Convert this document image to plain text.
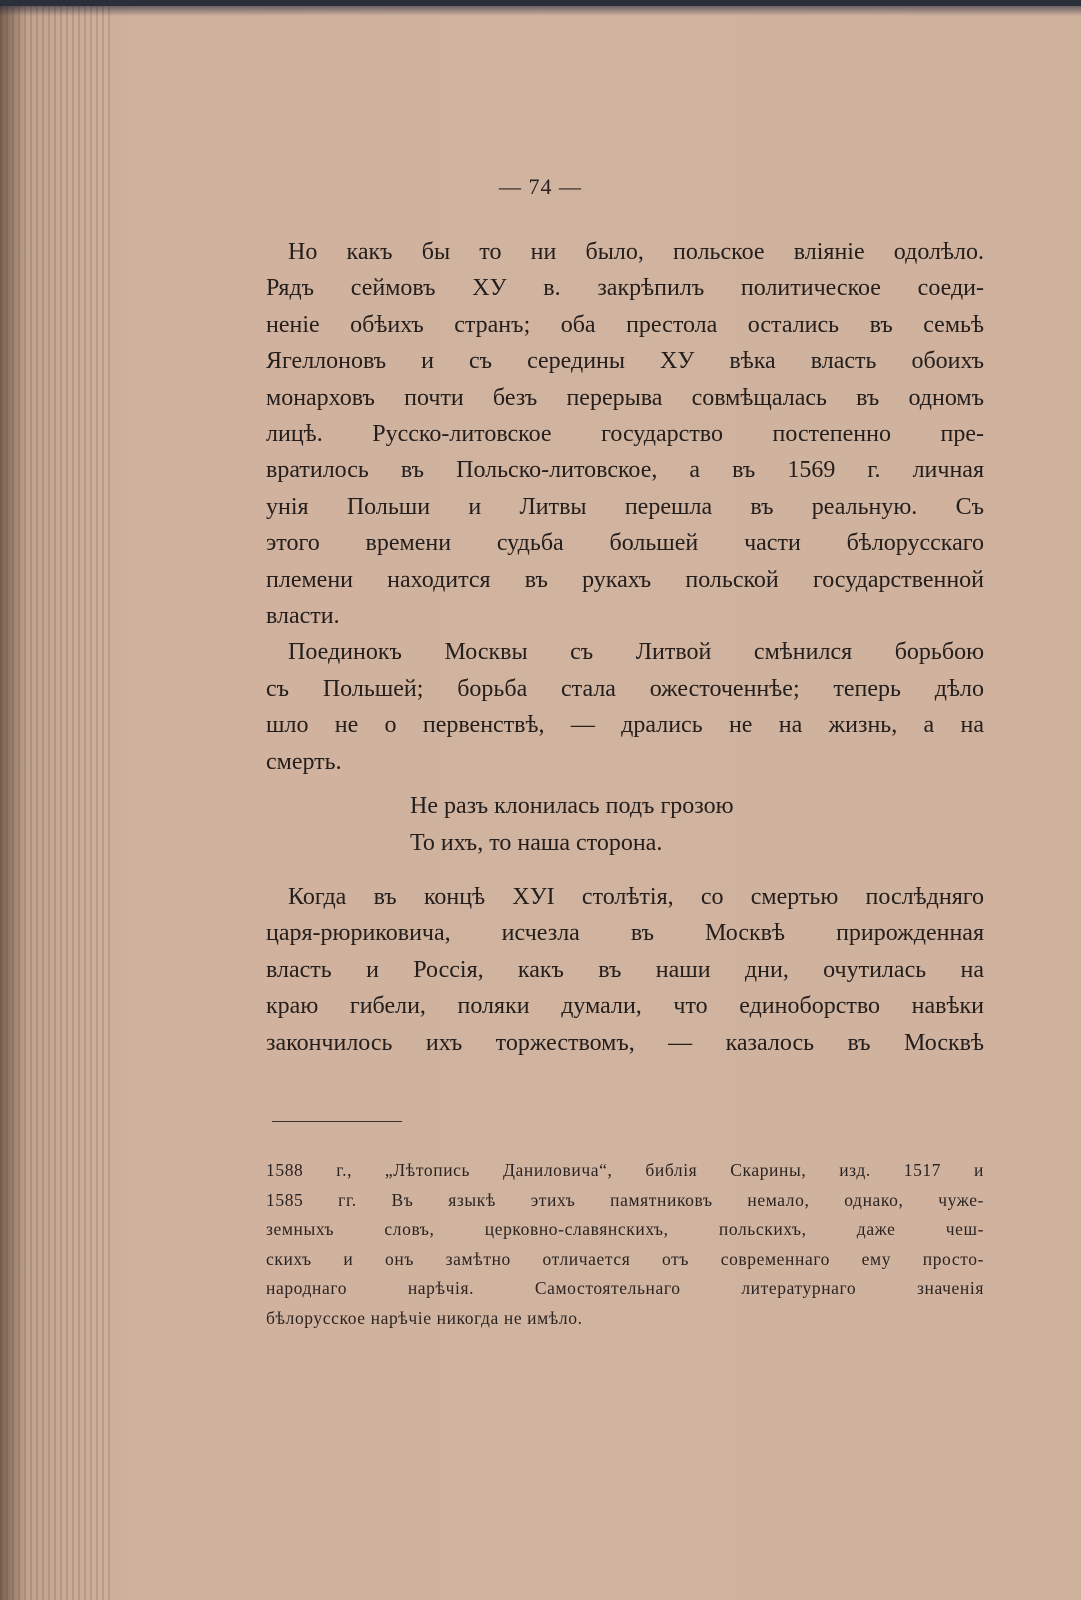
— 74 —

Но какъ бы то ни было, польское вліяніе одолѣло.
Рядъ сеймовъ XУ в. закрѣпилъ политическое соеди-
неніе обѣихъ странъ; оба престола остались въ семьѣ
Ягеллоновъ и съ середины XУ вѣка власть обоихъ
монарховъ почти безъ перерыва совмѣщалась въ одномъ
лицѣ. Русско-литовское государство постепенно пре-
вратилось въ Польско-литовское, а въ 1569 г. личная
унія Польши и Литвы перешла въ реальную. Съ
этого времени судьба большей части бѣлорусскаго
племени находится въ рукахъ польской государственной
власти.

Поединокъ Москвы съ Литвой смѣнился борьбою
съ Польшей; борьба стала ожесточеннѣе; теперь дѣло
шло не о первенствѣ, — дрались не на жизнь, а на
смерть.

Не разъ клонилась подъ грозою
То ихъ, то наша сторона.

Когда въ концѣ XУI столѣтія, со смертью послѣдняго
царя-рюриковича, исчезла въ Москвѣ прирожденная
власть и Россія, какъ въ наши дни, очутилась на
краю гибели, поляки думали, что единоборство навѣки
закончилось ихъ торжествомъ, — казалось въ Москвѣ

1588 г., „Лѣтопись Даниловича“, библія Скарины, изд. 1517 и
1585 гг. Въ языкѣ этихъ памятниковъ немало, однако, чуже-
земныхъ словъ, церковно-славянскихъ, польскихъ, даже чеш-
скихъ и онъ замѣтно отличается отъ современнаго ему просто-
народнаго нарѣчія. Самостоятельнаго литературнаго значенія
бѣлорусское нарѣчіе никогда не имѣло.
